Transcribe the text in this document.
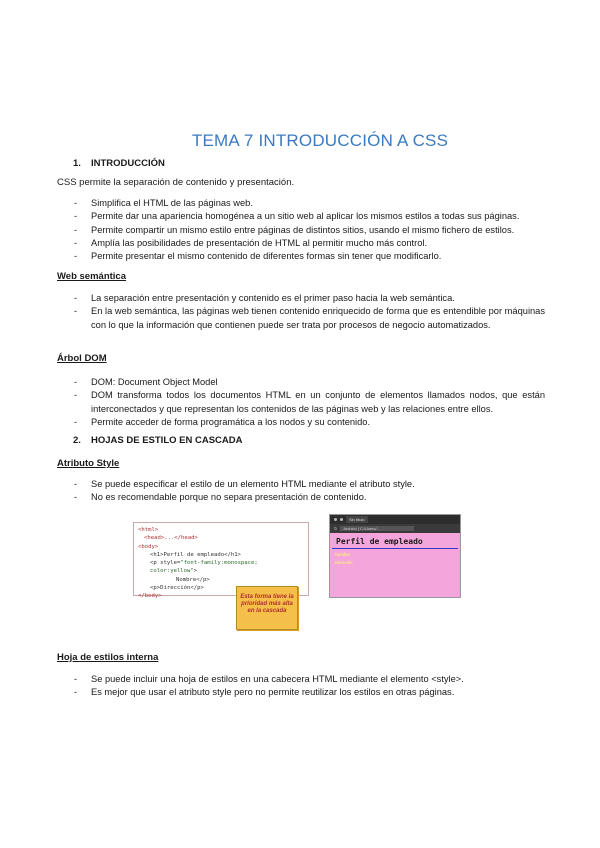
TEMA 7 INTRODUCCIÓN A CSS
1. INTRODUCCIÓN
CSS permite la separación de contenido y presentación.
- Simplifica el HTML de las páginas web.
- Permite dar una apariencia homogénea a un sitio web al aplicar los mismos estilos a todas sus páginas.
- Permite compartir un mismo estilo entre páginas de distintos sitios, usando el mismo fichero de estilos.
- Amplía las posibilidades de presentación de HTML al permitir mucho más control.
- Permite presentar el mismo contenido de diferentes formas sin tener que modificarlo.
Web semántica
- La separación entre presentación y contenido es el primer paso hacia la web semántica.
- En la web semántica, las páginas web tienen contenido enriquecido de forma que es entendible por máquinas con lo que la información que contienen puede ser trata por procesos de negocio automatizados.
Árbol DOM
- DOM: Document Object Model
- DOM transforma todos los documentos HTML en un conjunto de elementos llamados nodos, que están interconectados y que representan los contenidos de las páginas web y las relaciones entre ellos.
- Permite acceder de forma programática a los nodos y su contenido.
2. HOJAS DE ESTILO EN CASCADA
Atributo Style
- Se puede especificar el estilo de un elemento HTML mediante el atributo style.
- No es recomendable porque no separa presentación de contenido.
<html>
<head>...</head>
<body>
<h1>Perfil de empleado</h1>
<p style="font-family:monospace; color:yellow">
Nombre</p>
<p>Dirección</p>
</body>	Esta forma tiene la prioridad más alta en la cascada
Sin título
↻	Archivo | C:/Users/...
Perfil de empleado
Nombre
Dirección
Hoja de estilos interna
- Se puede incluir una hoja de estilos en una cabecera HTML mediante el elemento <style>.
- Es mejor que usar el atributo style pero no permite reutilizar los estilos en otras páginas.
